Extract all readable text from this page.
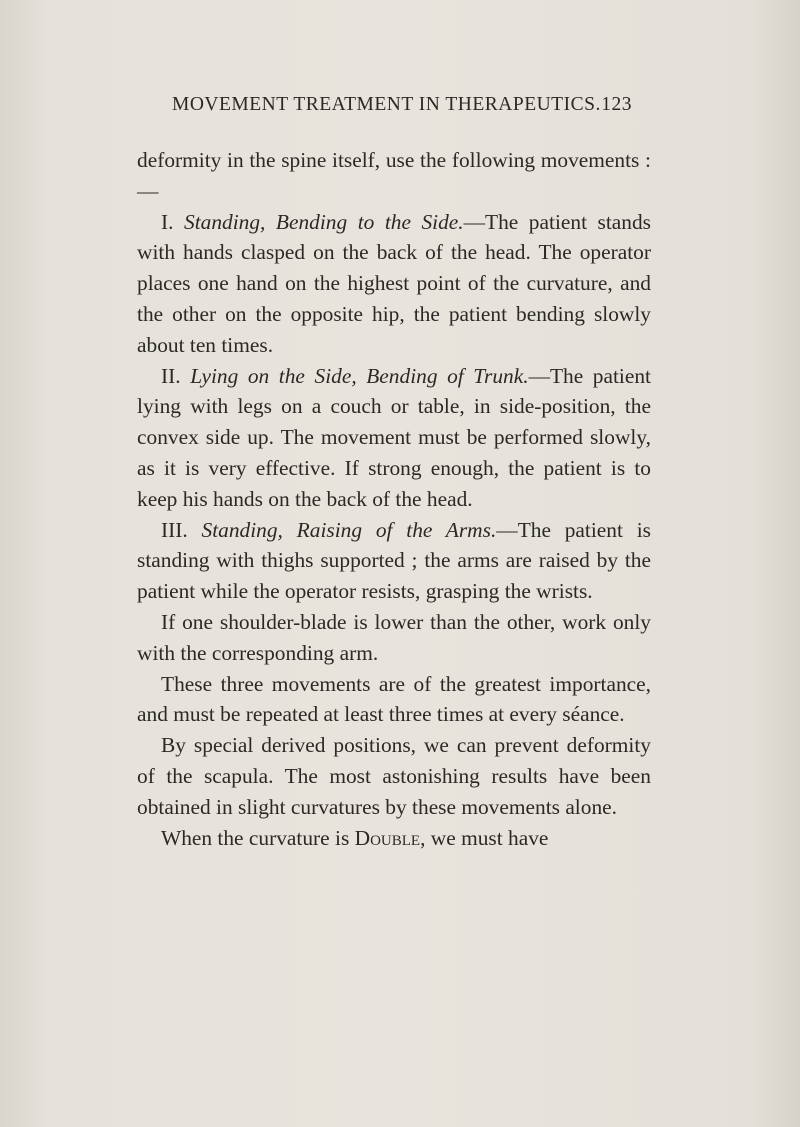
MOVEMENT TREATMENT IN THERAPEUTICS. 123

deformity in the spine itself, use the following movements :—

I. Standing, Bending to the Side.—The patient stands with hands clasped on the back of the head. The operator places one hand on the highest point of the curvature, and the other on the opposite hip, the patient bending slowly about ten times.

II. Lying on the Side, Bending of Trunk.—The patient lying with legs on a couch or table, in side-position, the convex side up. The movement must be performed slowly, as it is very effective. If strong enough, the patient is to keep his hands on the back of the head.

III. Standing, Raising of the Arms.—The patient is standing with thighs supported ; the arms are raised by the patient while the operator resists, grasping the wrists.

If one shoulder-blade is lower than the other, work only with the corresponding arm.

These three movements are of the greatest importance, and must be repeated at least three times at every séance.

By special derived positions, we can prevent deformity of the scapula. The most astonishing results have been obtained in slight curvatures by these movements alone.

When the curvature is Double, we must have
